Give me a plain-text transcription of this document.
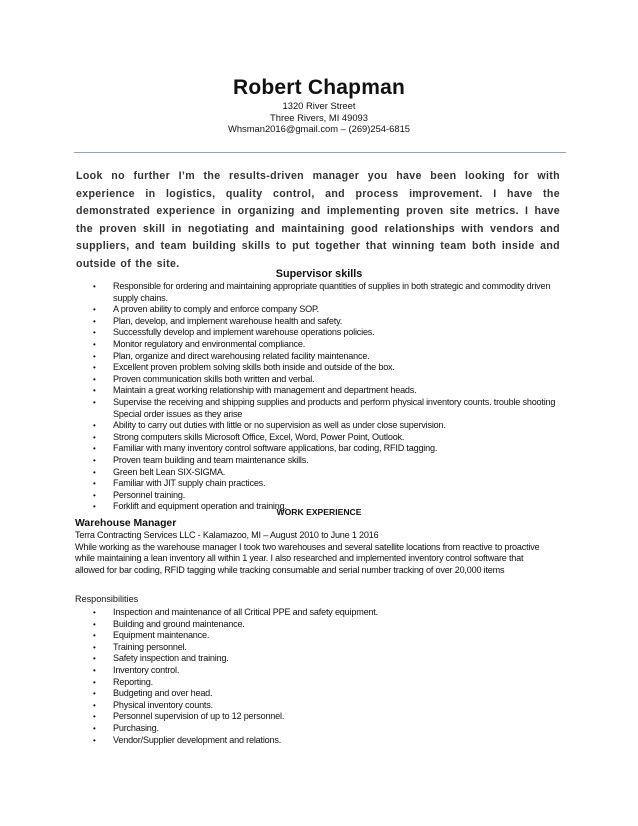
Robert Chapman

1320 River Street

Three Rivers, MI 49093

Whsman2016@gmail.com – (269)254-6815

Look no further I’m the results-driven manager you have been looking for with experience in logistics, quality control, and process improvement. I have the demonstrated experience in organizing and implementing proven site metrics. I have the proven skill in negotiating and maintaining good relationships with vendors and suppliers, and team building skills to put together that winning team both inside and outside of the site.

Supervisor skills

• Responsible for ordering and maintaining appropriate quantities of supplies in both strategic and commodity driven supply chains.
• A proven ability to comply and enforce company SOP.
• Plan, develop, and implement warehouse health and safety.
• Successfully develop and implement warehouse operations policies.
• Monitor regulatory and environmental compliance.
• Plan, organize and direct warehousing related facility maintenance.
• Excellent proven problem solving skills both inside and outside of the box.
• Proven communication skills both written and verbal.
• Maintain a great working relationship with management and department heads.
• Supervise the receiving and shipping supplies and products and perform physical inventory counts. trouble shooting Special order issues as they arise
• Ability to carry out duties with little or no supervision as well as under close supervision.
• Strong computers skills Microsoft Office, Excel, Word, Power Point, Outlook.
• Familiar with many inventory control software applications, bar coding, RFID tagging.
• Proven team building and team maintenance skills.
• Green belt Lean SIX-SIGMA.
• Familiar with JIT supply chain practices.
• Personnel training.
• Forklift and equipment operation and training.

WORK EXPERIENCE

Warehouse Manager

Terra Contracting Services LLC - Kalamazoo, MI – August 2010 to June 1 2016
While working as the warehouse manager I took two warehouses and several satellite locations from reactive to proactive while maintaining a lean inventory all within 1 year. I also researched and implemented inventory control software that allowed for bar coding, RFID tagging while tracking consumable and serial number tracking of over 20,000 items

Responsibilities

• Inspection and maintenance of all Critical PPE and safety equipment.
• Building and ground maintenance.
• Equipment maintenance.
• Training personnel.
• Safety inspection and training.
• Inventory control.
• Reporting.
• Budgeting and over head.
• Physical inventory counts.
• Personnel supervision of up to 12 personnel.
• Purchasing.
• Vendor/Supplier development and relations.
